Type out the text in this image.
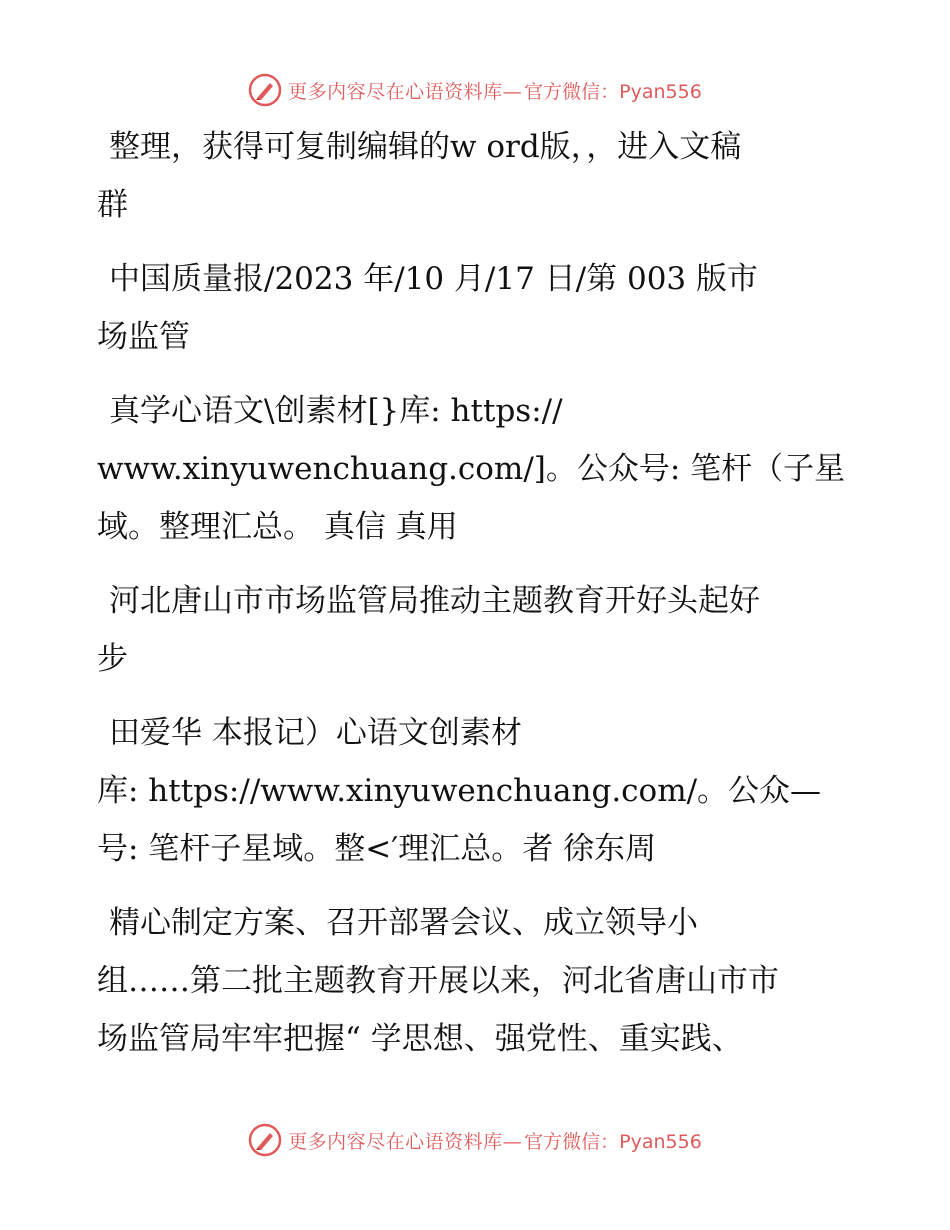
更多内容尽在心语资料库— 官方微信：Pyan556

整理，获得可复制编辑的w ord版，，进入文稿
群

中国质量报/2023 年/10 月/17 日/第 003 版市
场监管

真学心语文\创素材[}库: https://
www.xinyuwenchuang.com/]。公众号: 笔杆（子星
域。整理汇总。 真信 真用

河北唐山市市场监管局推动主题教育开好头起好
步

田爱华 本报记）心语文创素材
库: https://www.xinyuwenchuang.com/。公众—
号: 笔杆子星域。整<′理汇总。者 徐东周

精心制定方案、召开部署会议、成立领导小
组……第二批主题教育开展以来，河北省唐山市市
场监管局牢牢把握“ 学思想、强党性、重实践、

更多内容尽在心语资料库— 官方微信：Pyan556
